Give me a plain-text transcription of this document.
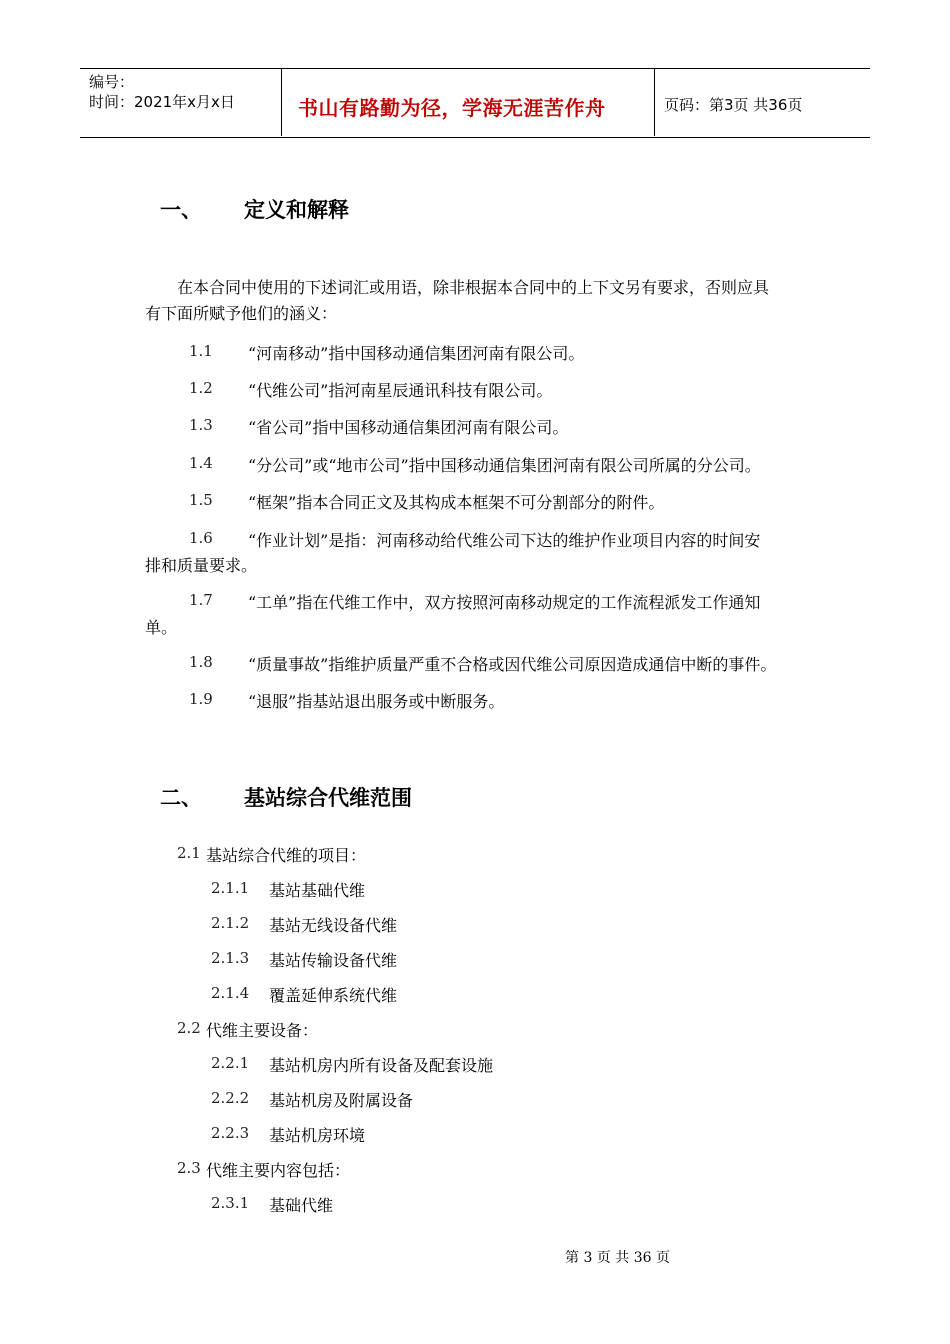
编号：
时间：2021年x月x日	书山有路勤为径，学海无涯苦作舟	页码：第3页 共36页
一、 定义和解释
在本合同中使用的下述词汇或用语，除非根据本合同中的上下文另有要求，否则应具
有下面所赋予他们的涵义：
1.1 “河南移动”指中国移动通信集团河南有限公司。
1.2 “代维公司”指河南星辰通讯科技有限公司。
1.3 “省公司”指中国移动通信集团河南有限公司。
1.4 “分公司”或“地市公司”指中国移动通信集团河南有限公司所属的分公司。
1.5 “框架”指本合同正文及其构成本框架不可分割部分的附件。
1.6 “作业计划”是指：河南移动给代维公司下达的维护作业项目内容的时间安
排和质量要求。
1.7 “工单”指在代维工作中，双方按照河南移动规定的工作流程派发工作通知
单。
1.8 “质量事故”指维护质量严重不合格或因代维公司原因造成通信中断的事件。
1.9 “退服”指基站退出服务或中断服务。
二、 基站综合代维范围
2.1 基站综合代维的项目：
2.1.1 基站基础代维
2.1.2 基站无线设备代维
2.1.3 基站传输设备代维
2.1.4 覆盖延伸系统代维
2.2 代维主要设备：
2.2.1 基站机房内所有设备及配套设施
2.2.2 基站机房及附属设备
2.2.3 基站机房环境
2.3 代维主要内容包括：
2.3.1 基础代维
第 3 页 共 36 页
